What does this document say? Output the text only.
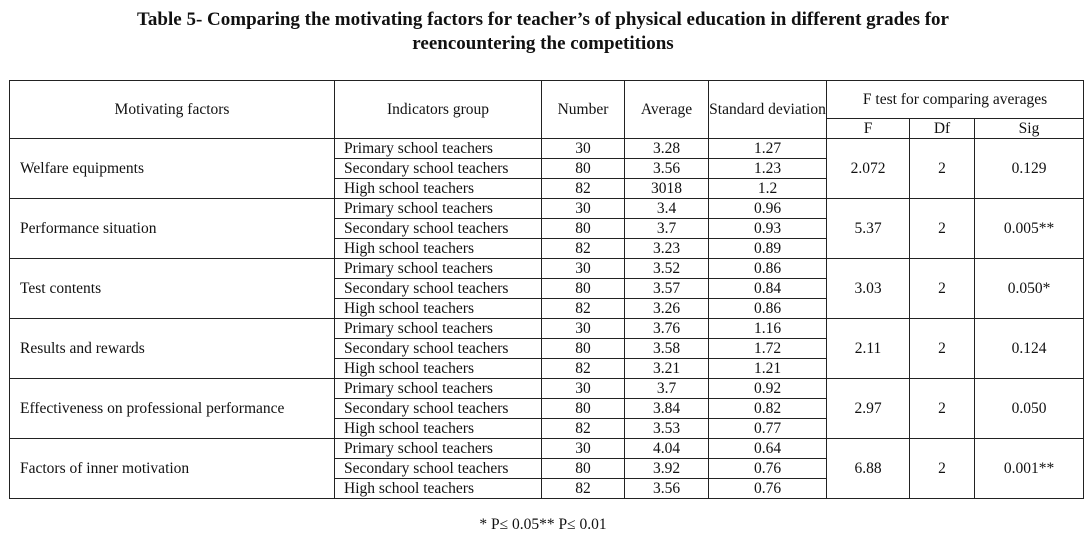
Table 5- Comparing the motivating factors for teacher’s of physical education in different grades for
reencountering the competitions
Motivating factors	Indicators group	Number	Average	Standard deviation	F test for comparing averages		
					F	Df	Sig
Welfare equipments	Primary school teachers	30	3.28	1.27	2.072	2	0.129
	Secondary school teachers	80	3.56	1.23			
	High school teachers	82	3018	1.2			
Performance situation	Primary school teachers	30	3.4	0.96	5.37	2	0.005**
	Secondary school teachers	80	3.7	0.93			
	High school teachers	82	3.23	0.89			
Test contents	Primary school teachers	30	3.52	0.86	3.03	2	0.050*
	Secondary school teachers	80	3.57	0.84			
	High school teachers	82	3.26	0.86			
Results and rewards	Primary school teachers	30	3.76	1.16	2.11	2	0.124
	Secondary school teachers	80	3.58	1.72			
	High school teachers	82	3.21	1.21			
Effectiveness on professional performance	Primary school teachers	30	3.7	0.92	2.97	2	0.050
	Secondary school teachers	80	3.84	0.82			
	High school teachers	82	3.53	0.77			
Factors of inner motivation	Primary school teachers	30	4.04	0.64	6.88	2	0.001**
	Secondary school teachers	80	3.92	0.76			
	High school teachers	82	3.56	0.76			
* P≤ 0.05** P≤ 0.01
